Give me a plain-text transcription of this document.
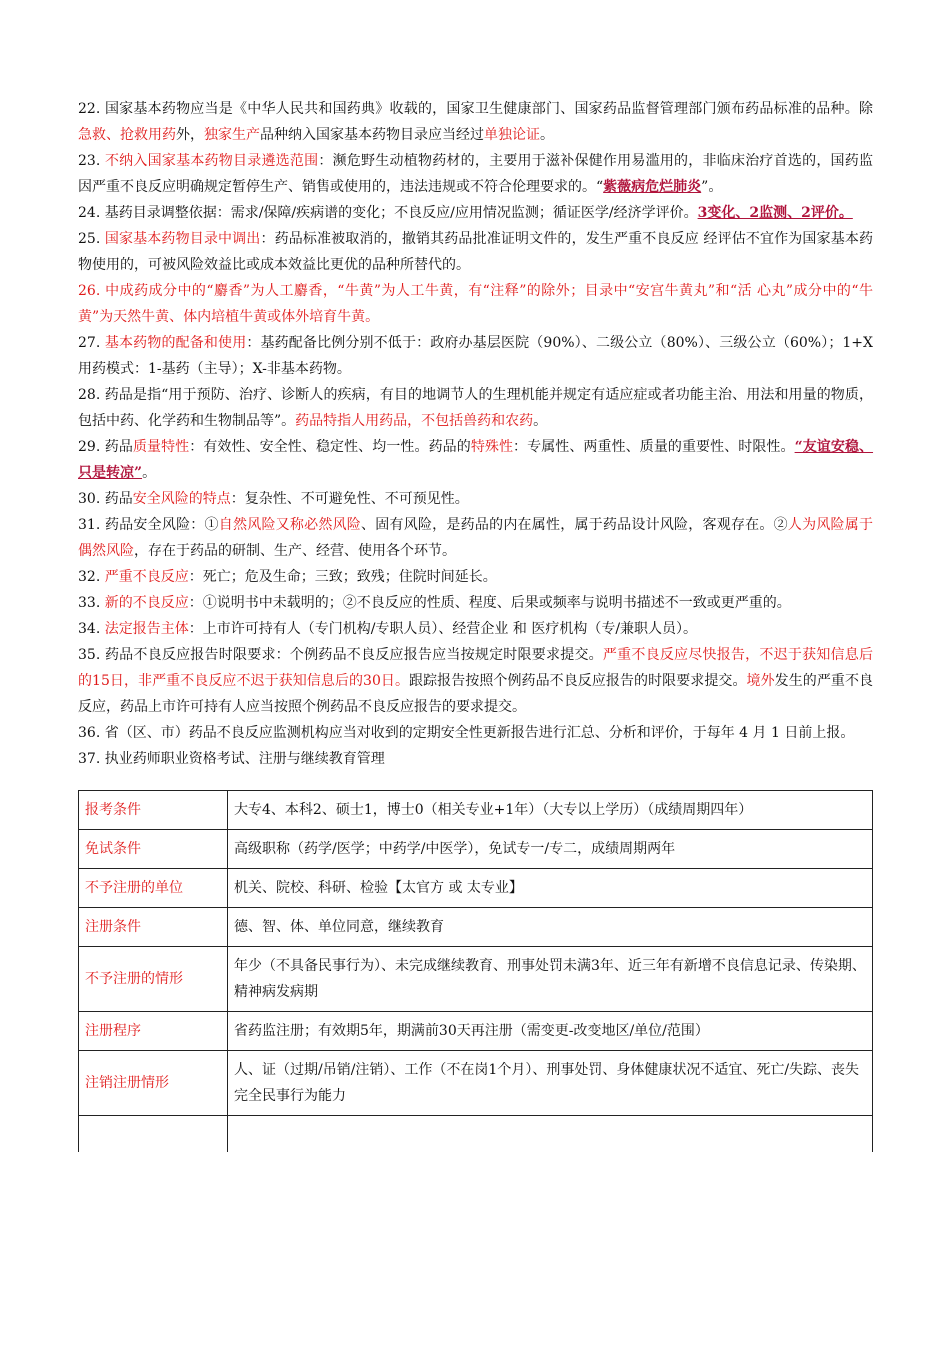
22. 国家基本药物应当是《中华人民共和国药典》收载的，国家卫生健康部门、国家药品监督管理部门颁布药品标准的品种。除急救、抢救用药外，独家生产品种纳入国家基本药物目录应当经过单独论证。

23. 不纳入国家基本药物目录遴选范围：濒危野生动植物药材的，主要用于滋补保健作用易滥用的，非临床治疗首选的，国药监因严重不良反应明确规定暂停生产、销售或使用的，违法违规或不符合伦理要求的。“紫薇病危烂肺炎”。

24. 基药目录调整依据：需求/保障/疾病谱的变化；不良反应/应用情况监测；循证医学/经济学评价。3变化、2监测、2评价。

25. 国家基本药物目录中调出：药品标准被取消的，撤销其药品批准证明文件的，发生严重不良反应 经评估不宜作为国家基本药物使用的，可被风险效益比或成本效益比更优的品种所替代的。

26. 中成药成分中的“麝香”为人工麝香，“牛黄”为人工牛黄，有“注释”的除外；目录中“安宫牛黄丸”和“活 心丸”成分中的“牛黄”为天然牛黄、体内培植牛黄或体外培育牛黄。

27. 基本药物的配备和使用：基药配备比例分别不低于：政府办基层医院（90%）、二级公立（80%）、三级公立（60%）；1+X用药模式：1-基药（主导）；X-非基本药物。

28. 药品是指“用于预防、治疗、诊断人的疾病，有目的地调节人的生理机能并规定有适应症或者功能主治、用法和用量的物质，包括中药、化学药和生物制品等”。药品特指人用药品，不包括兽药和农药。

29. 药品质量特性：有效性、安全性、稳定性、均一性。药品的特殊性：专属性、两重性、质量的重要性、时限性。“友谊安稳、只是转凉”。

30. 药品安全风险的特点：复杂性、不可避免性、不可预见性。

31. 药品安全风险：①自然风险又称必然风险、固有风险，是药品的内在属性，属于药品设计风险，客观存在。②人为风险属于偶然风险，存在于药品的研制、生产、经营、使用各个环节。

32. 严重不良反应：死亡；危及生命；三致；致残；住院时间延长。

33. 新的不良反应：①说明书中未载明的；②不良反应的性质、程度、后果或频率与说明书描述不一致或更严重的。

34. 法定报告主体：上市许可持有人（专门机构/专职人员）、经营企业 和 医疗机构（专/兼职人员）。

35. 药品不良反应报告时限要求：个例药品不良反应报告应当按规定时限要求提交。严重不良反应尽快报告，不迟于获知信息后的15日，非严重不良反应不迟于获知信息后的30日。跟踪报告按照个例药品不良反应报告的时限要求提交。境外发生的严重不良反应，药品上市许可持有人应当按照个例药品不良反应报告的要求提交。

36. 省（区、市）药品不良反应监测机构应当对收到的定期安全性更新报告进行汇总、分析和评价，于每年 4 月 1 日前上报。

37. 执业药师职业资格考试、注册与继续教育管理

报考条件	大专4、本科2、硕士1，博士0（相关专业+1年）（大专以上学历）（成绩周期四年）
免试条件	高级职称（药学/医学；中药学/中医学），免试专一/专二，成绩周期两年
不予注册的单位	机关、院校、科研、检验【太官方 或 太专业】
注册条件	德、智、体、单位同意，继续教育
不予注册的情形	年少（不具备民事行为）、未完成继续教育、刑事处罚未满3年、近三年有新增不良信息记录、传染期、精神病发病期
注册程序	省药监注册；有效期5年，期满前30天再注册（需变更-改变地区/单位/范围）
注销注册情形	人、证（过期/吊销/注销）、工作（不在岗1个月）、刑事处罚、身体健康状况不适宜、死亡/失踪、丧失完全民事行为能力
